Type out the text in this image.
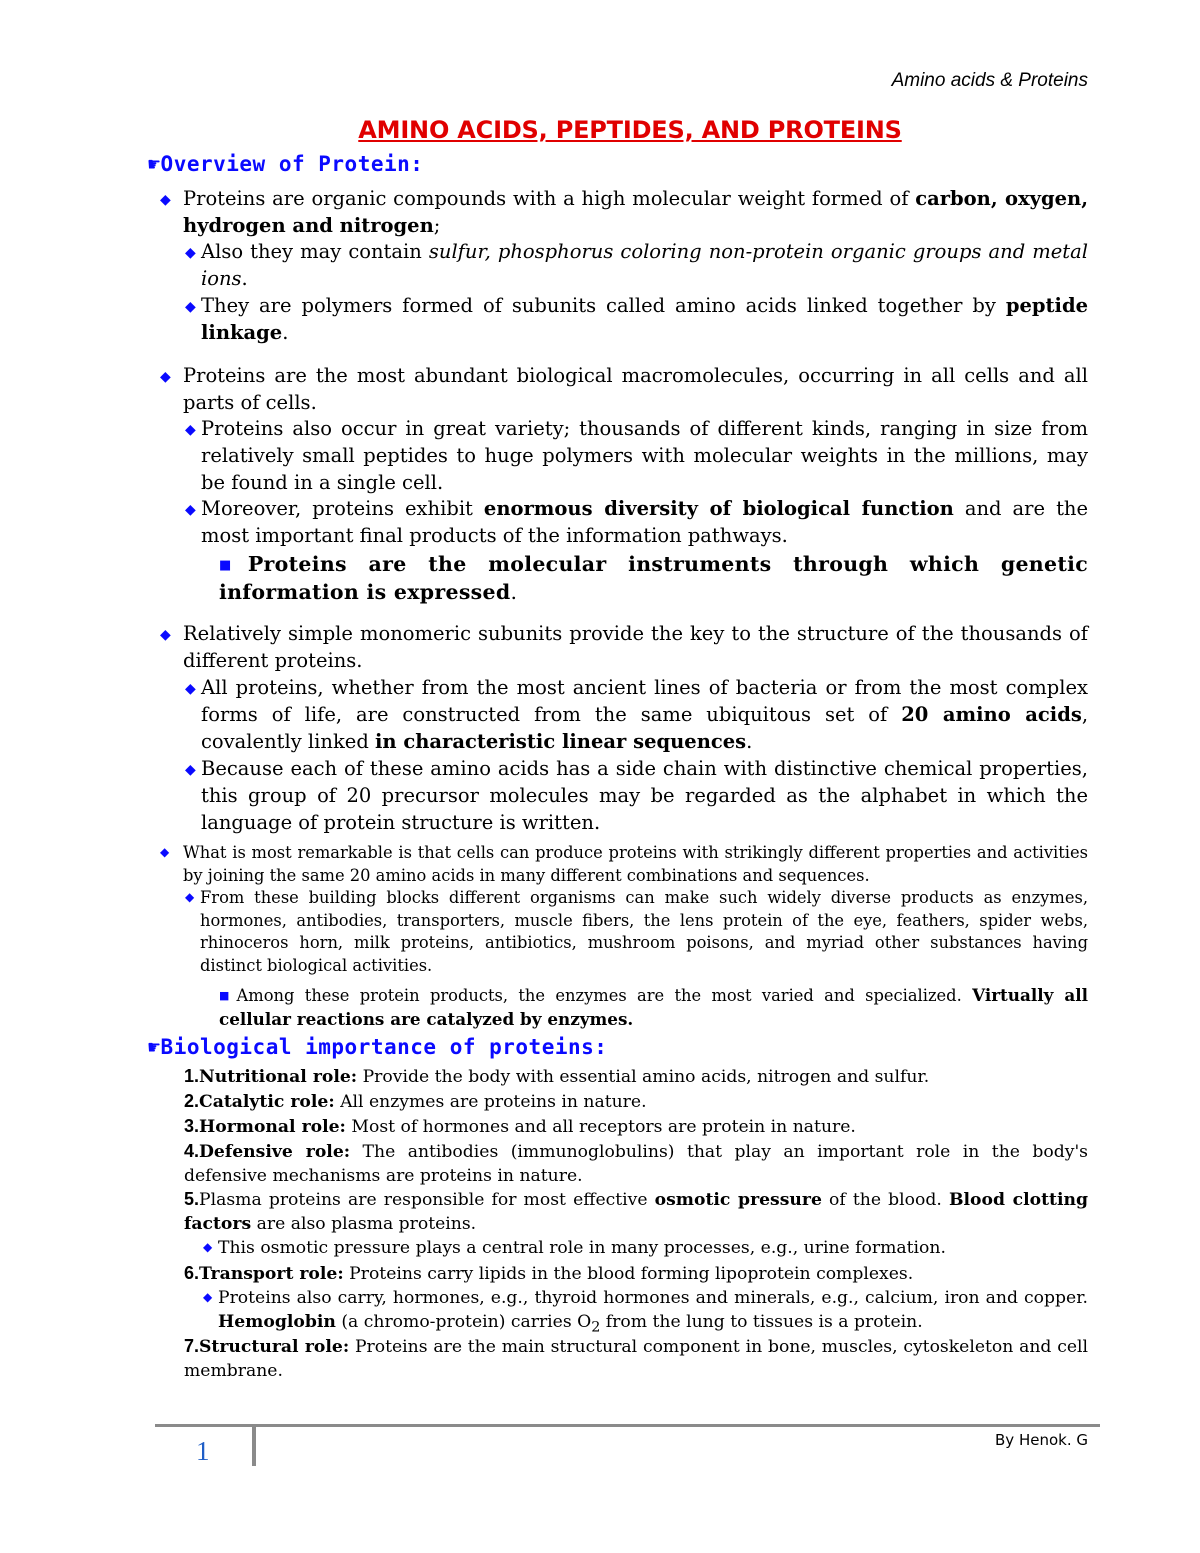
Amino acids & Proteins
AMINO ACIDS, PEPTIDES, AND PROTEINS
☛Overview of Protein:
◆ Proteins are organic compounds with a high molecular weight formed of carbon, oxygen, hydrogen and nitrogen;
◆ Also they may contain sulfur, phosphorus coloring non-protein organic groups and metal ions.
◆ They are polymers formed of subunits called amino acids linked together by peptide linkage.
◆ Proteins are the most abundant biological macromolecules, occurring in all cells and all parts of cells.
◆ Proteins also occur in great variety; thousands of different kinds, ranging in size from relatively small peptides to huge polymers with molecular weights in the millions, may be found in a single cell.
◆ Moreover, proteins exhibit enormous diversity of biological function and are the most important final products of the information pathways.
■Proteins are the molecular instruments through which genetic information is expressed.
◆ Relatively simple monomeric subunits provide the key to the structure of the thousands of different proteins.
◆ All proteins, whether from the most ancient lines of bacteria or from the most complex forms of life, are constructed from the same ubiquitous set of 20 amino acids, covalently linked in characteristic linear sequences.
◆ Because each of these amino acids has a side chain with distinctive chemical properties, this group of 20 precursor molecules may be regarded as the alphabet in which the language of protein structure is written.
◆ What is most remarkable is that cells can produce proteins with strikingly different properties and activities by joining the same 20 amino acids in many different combinations and sequences.
◆ From these building blocks different organisms can make such widely diverse products as enzymes, hormones, antibodies, transporters, muscle fibers, the lens protein of the eye, feathers, spider webs, rhinoceros horn, milk proteins, antibiotics, mushroom poisons, and myriad other substances having distinct biological activities.
■ Among these protein products, the enzymes are the most varied and specialized. Virtually all cellular reactions are catalyzed by enzymes.
☛Biological importance of proteins:
1.Nutritional role: Provide the body with essential amino acids, nitrogen and sulfur.
2.Catalytic role: All enzymes are proteins in nature.
3.Hormonal role: Most of hormones and all receptors are protein in nature.
4.Defensive role: The antibodies (immunoglobulins) that play an important role in the body's defensive mechanisms are proteins in nature.
5.Plasma proteins are responsible for most effective osmotic pressure of the blood. Blood clotting factors are also plasma proteins.
◆ This osmotic pressure plays a central role in many processes, e.g., urine formation.
6.Transport role: Proteins carry lipids in the blood forming lipoprotein complexes.
◆ Proteins also carry, hormones, e.g., thyroid hormones and minerals, e.g., calcium, iron and copper. Hemoglobin (a chromo-protein) carries $O_2$ from the lung to tissues is a protein.
7.Structural role: Proteins are the main structural component in bone, muscles, cytoskeleton and cell membrane.
1	By Henok. G
